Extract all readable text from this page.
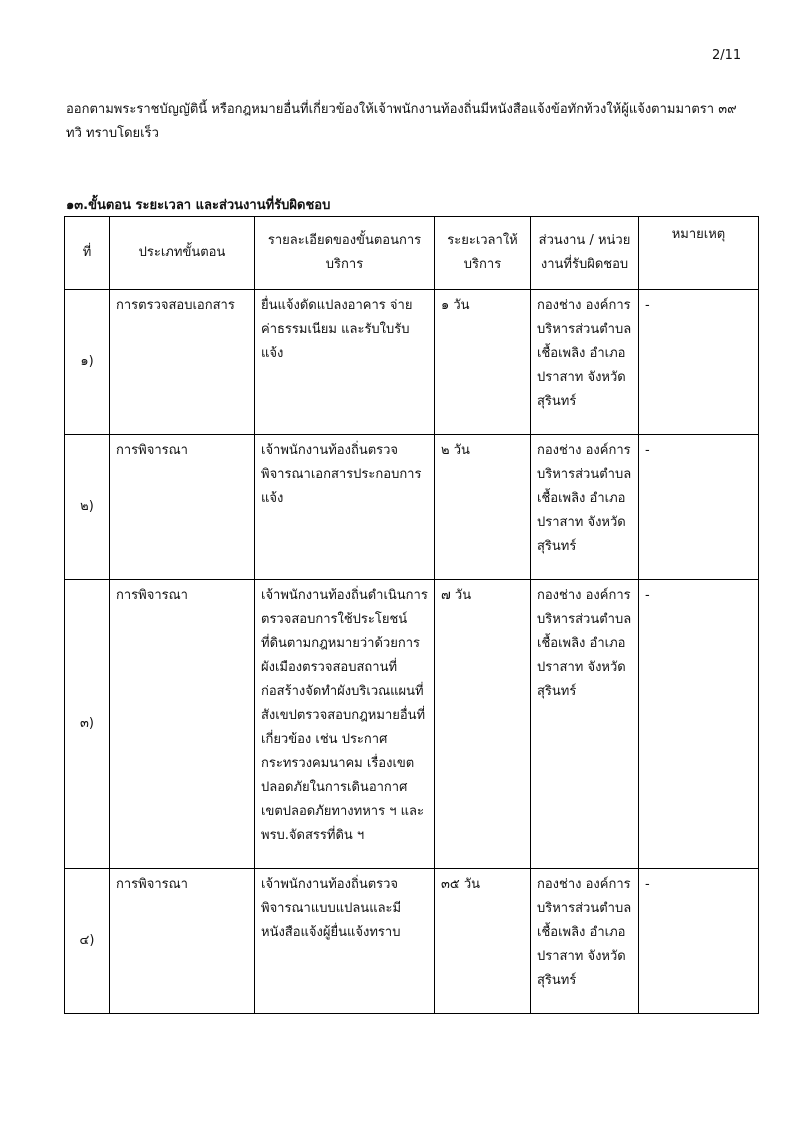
2/11
ออกตามพระราชบัญญัตินี้ หรือกฎหมายอื่นที่เกี่ยวข้องให้เจ้าพนักงานท้องถิ่นมีหนังสือแจ้งข้อทักท้วงให้ผู้แจ้งตามมาตรา ๓๙ ทวิ ทราบโดยเร็ว
๑๓.ขั้นตอน ระยะเวลา และส่วนงานที่รับผิดชอบ
ที่	ประเภทขั้นตอน	รายละเอียดของขั้นตอนการบริการ	ระยะเวลาให้บริการ	ส่วนงาน / หน่วยงานที่รับผิดชอบ	หมายเหตุ
๑)	การตรวจสอบเอกสาร	ยื่นแจ้งดัดแปลงอาคาร จ่ายค่าธรรมเนียม และรับใบรับแจ้ง	๑ วัน	กองช่าง องค์การบริหารส่วนตำบลเชื้อเพลิง อำเภอปราสาท จังหวัดสุรินทร์	-
๒)	การพิจารณา	เจ้าพนักงานท้องถิ่นตรวจพิจารณาเอกสารประกอบการแจ้ง	๒ วัน	กองช่าง องค์การบริหารส่วนตำบลเชื้อเพลิง อำเภอปราสาท จังหวัดสุรินทร์	-
๓)	การพิจารณา	เจ้าพนักงานท้องถิ่นดำเนินการตรวจสอบการใช้ประโยชน์ที่ดินตามกฎหมายว่าด้วยการผังเมืองตรวจสอบสถานที่ก่อสร้างจัดทำผังบริเวณแผนที่สังเขปตรวจสอบกฎหมายอื่นที่เกี่ยวข้อง เช่น ประกาศกระทรวงคมนาคม เรื่องเขตปลอดภัยในการเดินอากาศเขตปลอดภัยทางทหาร ฯ และ พรบ.จัดสรรที่ดิน ฯ	๗ วัน	กองช่าง องค์การบริหารส่วนตำบลเชื้อเพลิง อำเภอปราสาท จังหวัดสุรินทร์	-
๔)	การพิจารณา	เจ้าพนักงานท้องถิ่นตรวจพิจารณาแบบแปลนและมีหนังสือแจ้งผู้ยื่นแจ้งทราบ	๓๕ วัน	กองช่าง องค์การบริหารส่วนตำบลเชื้อเพลิง อำเภอปราสาท จังหวัดสุรินทร์	-
